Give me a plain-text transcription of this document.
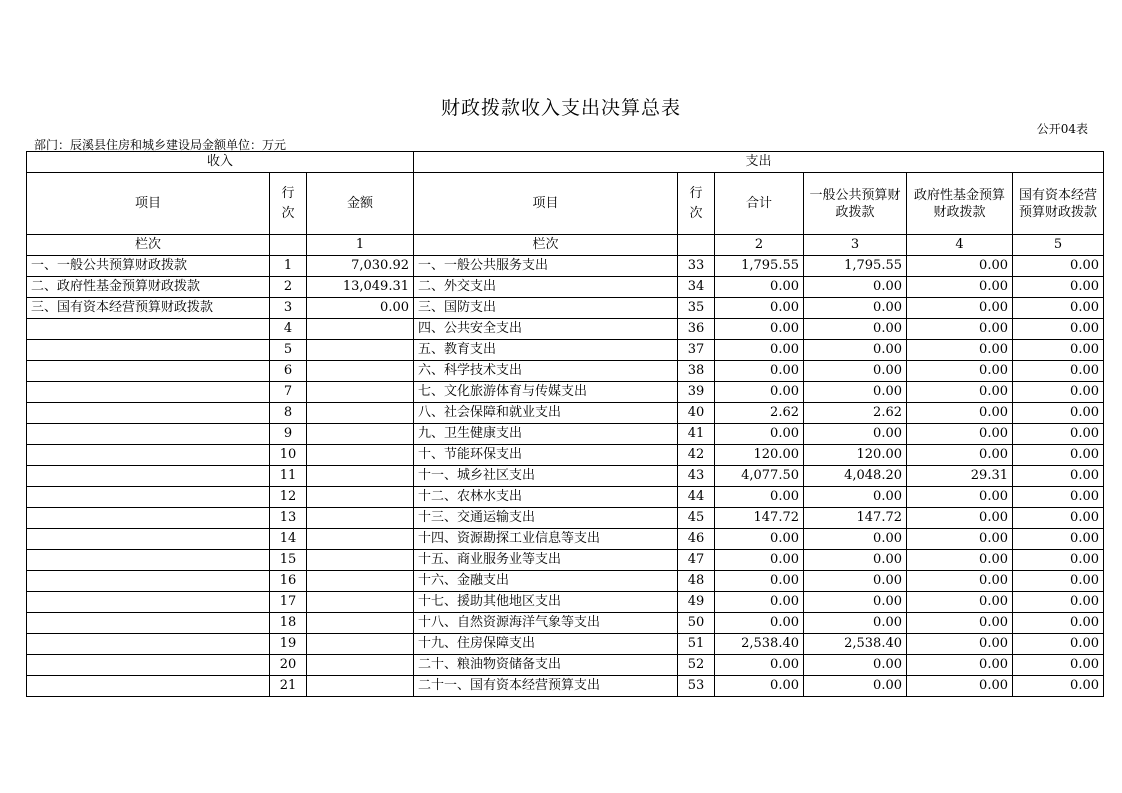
财政拨款收入支出决算总表
公开04表
部门：辰溪县住房和城乡建设局金额单位：万元
收入			支出					
项目	行次	金额	项目	行次	合计	一般公共预算财政拨款	政府性基金预算财政拨款	国有资本经营预算财政拨款
栏次		1	栏次		2	3	4	5
一、一般公共预算财政拨款	1	7,030.92	一、一般公共服务支出	33	1,795.55	1,795.55	0.00	0.00
二、政府性基金预算财政拨款	2	13,049.31	二、外交支出	34	0.00	0.00	0.00	0.00
三、国有资本经营预算财政拨款	3	0.00	三、国防支出	35	0.00	0.00	0.00	0.00
	4		四、公共安全支出	36	0.00	0.00	0.00	0.00
	5		五、教育支出	37	0.00	0.00	0.00	0.00
	6		六、科学技术支出	38	0.00	0.00	0.00	0.00
	7		七、文化旅游体育与传媒支出	39	0.00	0.00	0.00	0.00
	8		八、社会保障和就业支出	40	2.62	2.62	0.00	0.00
	9		九、卫生健康支出	41	0.00	0.00	0.00	0.00
	10		十、节能环保支出	42	120.00	120.00	0.00	0.00
	11		十一、城乡社区支出	43	4,077.50	4,048.20	29.31	0.00
	12		十二、农林水支出	44	0.00	0.00	0.00	0.00
	13		十三、交通运输支出	45	147.72	147.72	0.00	0.00
	14		十四、资源勘探工业信息等支出	46	0.00	0.00	0.00	0.00
	15		十五、商业服务业等支出	47	0.00	0.00	0.00	0.00
	16		十六、金融支出	48	0.00	0.00	0.00	0.00
	17		十七、援助其他地区支出	49	0.00	0.00	0.00	0.00
	18		十八、自然资源海洋气象等支出	50	0.00	0.00	0.00	0.00
	19		十九、住房保障支出	51	2,538.40	2,538.40	0.00	0.00
	20		二十、粮油物资储备支出	52	0.00	0.00	0.00	0.00
	21		二十一、国有资本经营预算支出	53	0.00	0.00	0.00	0.00
